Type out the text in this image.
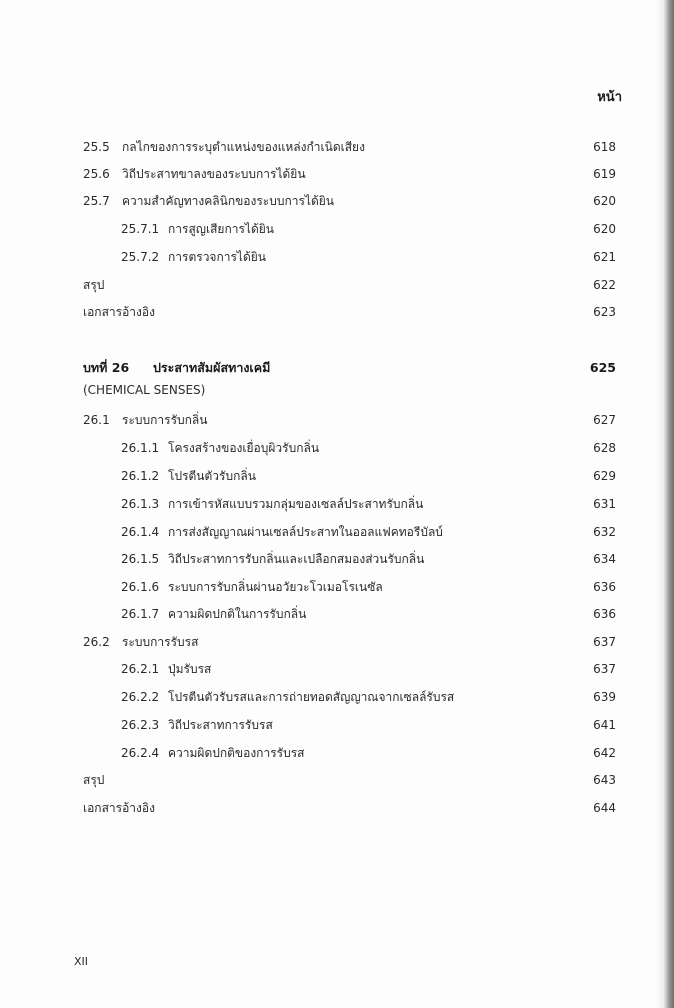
หน้า
25.5 กลไกของการระบุตำแหน่งของแหล่งกำเนิดเสียง	618
25.6 วิถีประสาทขาลงของระบบการได้ยิน	619
25.7 ความสำคัญทางคลินิกของระบบการได้ยิน	620
25.7.1 การสูญเสียการได้ยิน	620
25.7.2 การตรวจการได้ยิน	621
สรุป	622
เอกสารอ้างอิง	623
บทที่ 26 ประสาทสัมผัสทางเคมี	625
(CHEMICAL SENSES)
26.1 ระบบการรับกลิ่น	627
26.1.1 โครงสร้างของเยื่อบุผิวรับกลิ่น	628
26.1.2 โปรตีนตัวรับกลิ่น	629
26.1.3 การเข้ารหัสแบบรวมกลุ่มของเซลล์ประสาทรับกลิ่น	631
26.1.4 การส่งสัญญาณผ่านเซลล์ประสาทในออลแฟคทอรีบัลบ์	632
26.1.5 วิถีประสาทการรับกลิ่นและเปลือกสมองส่วนรับกลิ่น	634
26.1.6 ระบบการรับกลิ่นผ่านอวัยวะโวเมอโรเนซัล	636
26.1.7 ความผิดปกติในการรับกลิ่น	636
26.2 ระบบการรับรส	637
26.2.1 ปุ่มรับรส	637
26.2.2 โปรตีนตัวรับรสและการถ่ายทอดสัญญาณจากเซลล์รับรส	639
26.2.3 วิถีประสาทการรับรส	641
26.2.4 ความผิดปกติของการรับรส	642
สรุป	643
เอกสารอ้างอิง	644
XII
